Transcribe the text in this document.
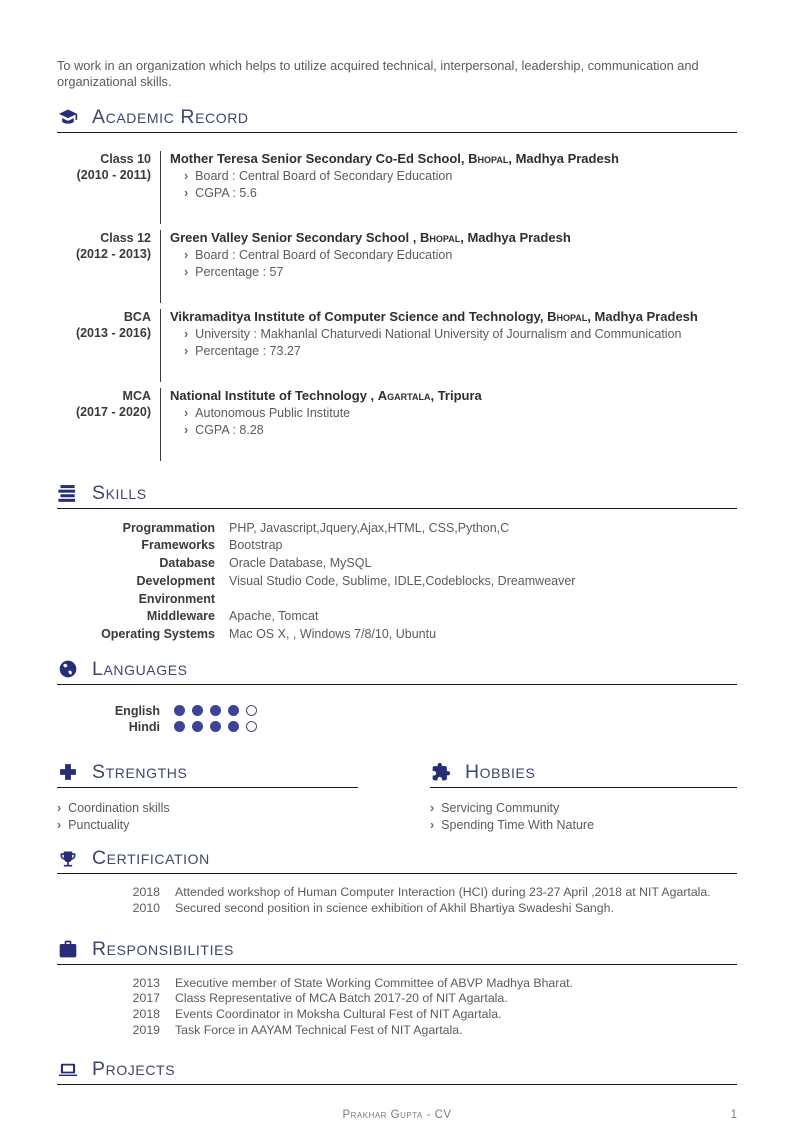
To work in an organization which helps to utilize acquired technical, interpersonal, leadership, communication and organizational skills.
Academic Record
Class 10
(2010 - 2011)
Mother Teresa Senior Secondary Co-Ed School, Bhopal, Madhya Pradesh
›
Board : Central Board of Secondary Education
›
CGPA : 5.6
Class 12
(2012 - 2013)
Green Valley Senior Secondary School , Bhopal, Madhya Pradesh
›
Board : Central Board of Secondary Education
›
Percentage : 57
BCA
(2013 - 2016)
Vikramaditya Institute of Computer Science and Technology, Bhopal, Madhya Pradesh
›
University : Makhanlal Chaturvedi National University of Journalism and Communication
›
Percentage : 73.27
MCA
(2017 - 2020)
National Institute of Technology , Agartala, Tripura
›
Autonomous Public Institute
›
CGPA : 8.28
Skills
Programmation PHP, Javascript,Jquery,Ajax,HTML, CSS,Python,C
Frameworks Bootstrap
Database Oracle Database, MySQL
Development Environment
Visual Studio Code, Sublime, IDLE,Codeblocks, Dreamweaver
Middleware Apache, Tomcat
Operating Systems Mac OS X, , Windows 7/8/10, Ubuntu
Languages
English
Hindi
Strengths
›
Coordination skills
›
Punctuality
Hobbies
›
Servicing Community
›
Spending Time With Nature
Certification
2018 Attended workshop of Human Computer Interaction (HCI) during 23-27 April ,2018 at NIT Agartala.
2010 Secured second position in science exhibition of Akhil Bhartiya Swadeshi Sangh.
Responsibilities
2013 Executive member of State Working Committee of ABVP Madhya Bharat.
2017 Class Representative of MCA Batch 2017-20 of NIT Agartala.
2018 Events Coordinator in Moksha Cultural Fest of NIT Agartala.
2019 Task Force in AAYAM Technical Fest of NIT Agartala.
Projects
Prakhar Gupta - CV	1
